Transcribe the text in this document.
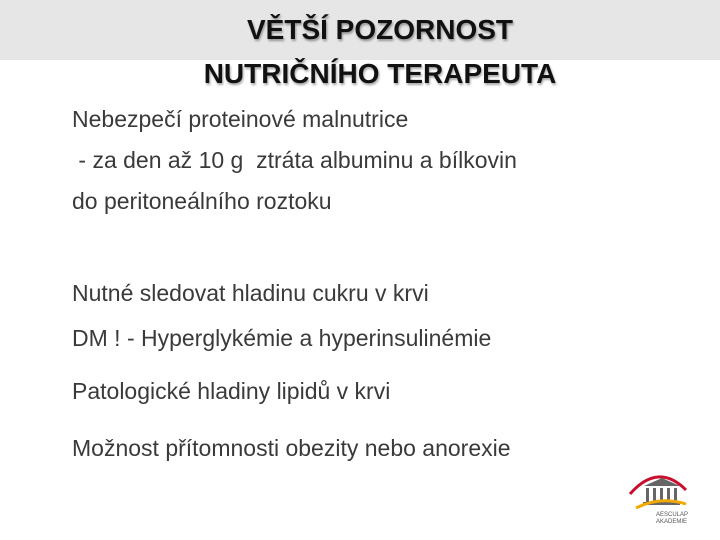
VĚTŠÍ POZORNOST
NUTRIČNÍHO TERAPEUTA
Nebezpečí proteinové malnutrice
- za den až 10 g  ztráta albuminu a bílkovin
do peritoneálního roztoku
Nutné sledovat hladinu cukru v krvi
DM ! - Hyperglykémie a hyperinsulinémie
Patologické hladiny lipidů v krvi
Možnost přítomnosti obezity nebo anorexie
AESCULAP
AKADEMIE
